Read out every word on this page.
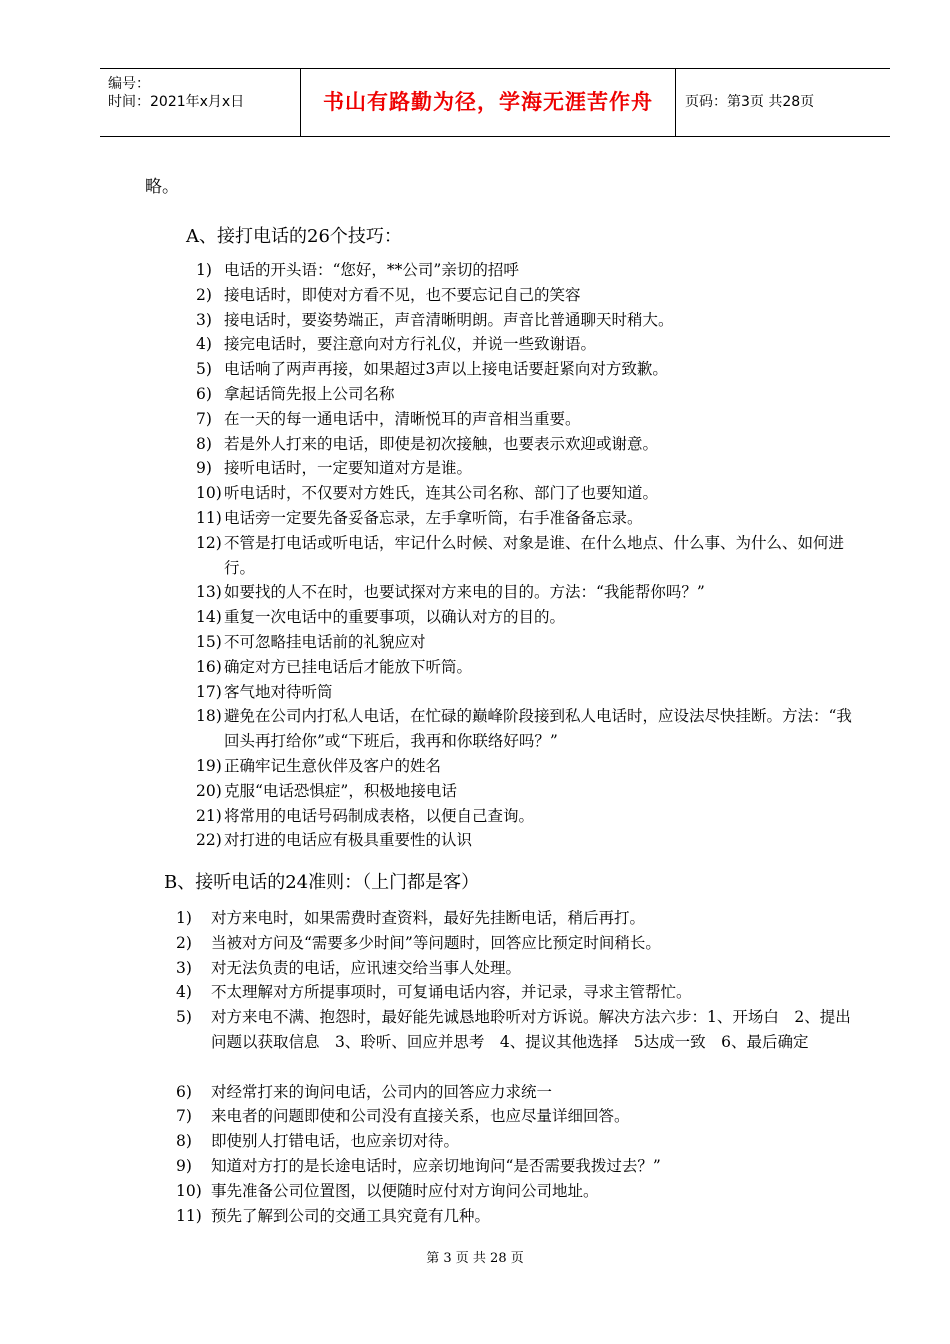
编号：
时间：2021年x月x日	书山有路勤为径，学海无涯苦作舟	页码：第3页 共28页
略。
A、接打电话的26个技巧：
1) 电话的开头语：“您好，**公司”亲切的招呼
2) 接电话时，即使对方看不见，也不要忘记自己的笑容
3) 接电话时，要姿势端正，声音清晰明朗。声音比普通聊天时稍大。
4) 接完电话时，要注意向对方行礼仪，并说一些致谢语。
5) 电话响了两声再接，如果超过3声以上接电话要赶紧向对方致歉。
6) 拿起话筒先报上公司名称
7) 在一天的每一通电话中，清晰悦耳的声音相当重要。
8) 若是外人打来的电话，即使是初次接触，也要表示欢迎或谢意。
9) 接听电话时，一定要知道对方是谁。
10) 听电话时，不仅要对方姓氏，连其公司名称、部门了也要知道。
11) 电话旁一定要先备妥备忘录，左手拿听筒，右手准备备忘录。
12) 不管是打电话或听电话，牢记什么时候、对象是谁、在什么地点、什么事、为什么、如何进行。
13) 如要找的人不在时，也要试探对方来电的目的。方法：“我能帮你吗？”
14) 重复一次电话中的重要事项，以确认对方的目的。
15) 不可忽略挂电话前的礼貌应对
16) 确定对方已挂电话后才能放下听筒。
17) 客气地对待听筒
18) 避免在公司内打私人电话，在忙碌的巅峰阶段接到私人电话时，应设法尽快挂断。方法：“我回头再打给你”或“下班后，我再和你联络好吗？”
19) 正确牢记生意伙伴及客户的姓名
20) 克服“电话恐惧症”，积极地接电话
21) 将常用的电话号码制成表格，以便自己查询。
22) 对打进的电话应有极具重要性的认识
B、接听电话的24准则：（上门都是客）
1) 对方来电时，如果需费时查资料，最好先挂断电话，稍后再打。
2) 当被对方问及“需要多少时间”等问题时，回答应比预定时间稍长。
3) 对无法负责的电话，应讯速交给当事人处理。
4) 不太理解对方所提事项时，可复诵电话内容，并记录，寻求主管帮忙。
5) 对方来电不满、抱怨时，最好能先诚恳地聆听对方诉说。解决方法六步：1、开场白　2、提出问题以获取信息　3、聆听、回应并思考　4、提议其他选择　5达成一致　6、最后确定
6) 对经常打来的询问电话，公司内的回答应力求统一
7) 来电者的问题即使和公司没有直接关系，也应尽量详细回答。
8) 即使别人打错电话，也应亲切对待。
9) 知道对方打的是长途电话时，应亲切地询问“是否需要我拨过去？”
10) 事先准备公司位置图，以便随时应付对方询问公司地址。
11) 预先了解到公司的交通工具究竟有几种。
第 3 页 共 28 页
